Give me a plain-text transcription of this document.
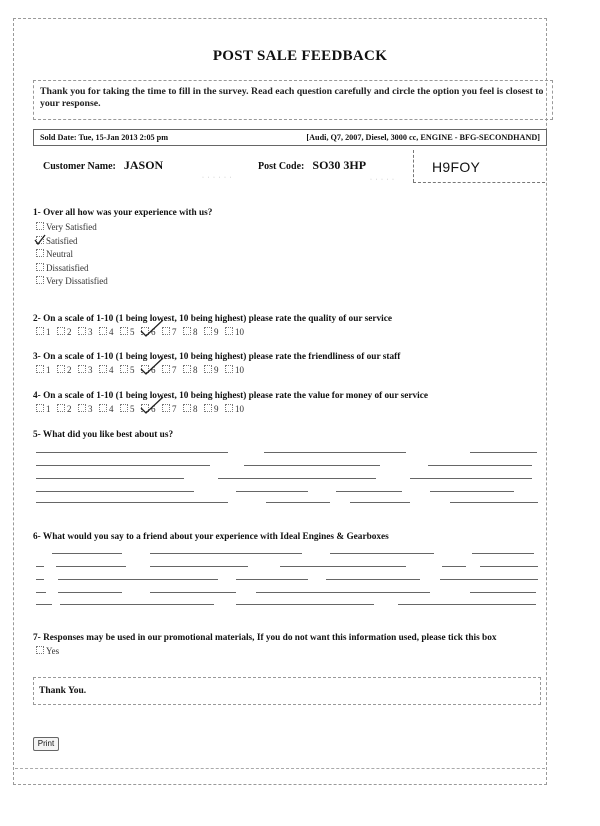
POST SALE FEEDBACK
Thank you for taking the time to fill in the survey. Read each question carefully and circle the option you feel is closest to your response.
Sold Date: Tue, 15-Jan 2013 2:05 pm	[Audi, Q7, 2007, Diesel, 3000 cc, ENGINE - BFG-SECONDHAND]
Customer Name: JASON	Post Code: SO30 3HP
· · · · · ·	· · · · ·
H9FOY
1- Over all how was your experience with us?
Very Satisfied
Satisfied
Neutral
Dissatisfied
Very Dissatisfied
2- On a scale of 1-10 (1 being lowest, 10 being highest) please rate the quality of our service
1 2 3 4 5 6 7 8 9 10
3- On a scale of 1-10 (1 being lowest, 10 being highest) please rate the friendliness of our staff
1 2 3 4 5 6 7 8 9 10
4- On a scale of 1-10 (1 being lowest, 10 being highest) please rate the value for money of our service
1 2 3 4 5 6 7 8 9 10
5- What did you like best about us?
6- What would you say to a friend about your experience with Ideal Engines & Gearboxes
7- Responses may be used in our promotional materials, If you do not want this information used, please tick this box
Yes
Thank You.
Print
